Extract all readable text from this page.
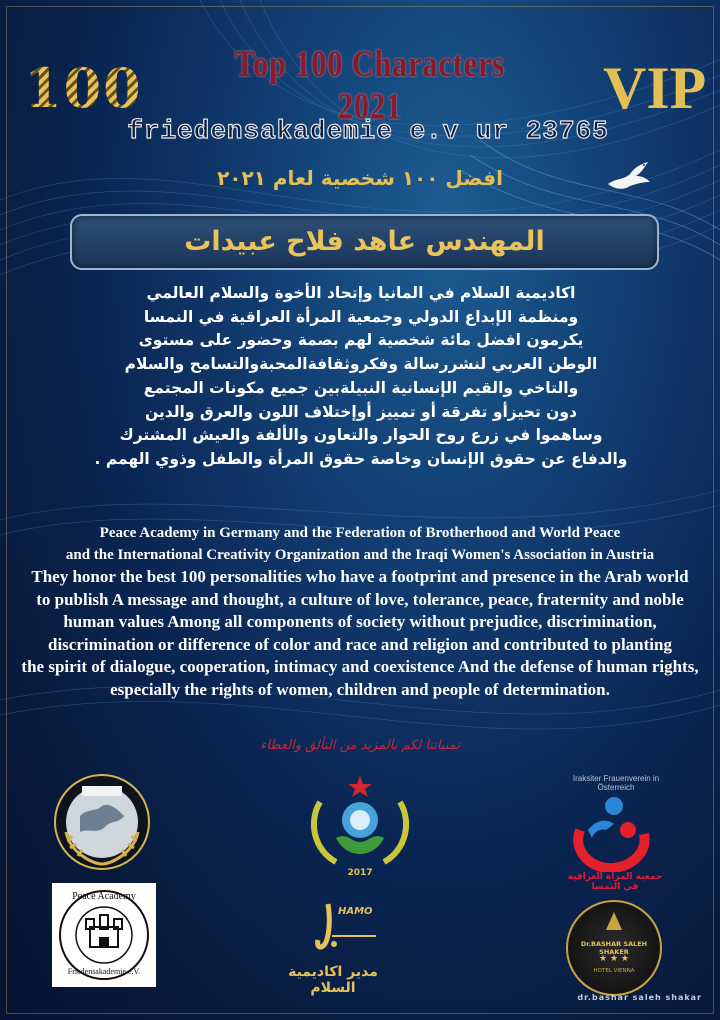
100	Top 100 Characters 2021	VIP
friedensakademie e.v ur 23765
افضل ١٠٠ شخصية لعام ٢٠٢١
المهندس عاهد فلاح عبيدات
اكاديمية السلام في المانيا وإتحاد الأخوة والسلام العالمي
ومنظمة الإبداع الدولي وجمعية المرأة العراقية في النمسا
يكرمون افضل مائة شخصية لهم بصمة وحضور على مستوى
الوطن العربي لنشررسالة وفكروثقافةالمحبةوالتسامح والسلام
والتاخي والقيم الإنسانية النبيلةبين جميع مكونات المجتمع
دون تحيزأو تفرقة أو تمييز أوإختلاف اللون والعرق والدين
وساهموا في زرع روح الحوار والتعاون والألفة والعيش المشترك
والدفاع عن حقوق الإنسان وخاصة حقوق المرأة والطفل وذوي الهمم .
Peace Academy in Germany and the Federation of Brotherhood and World Peace
and the International Creativity Organization and the Iraqi Women's Association in Austria
They honor the best 100 personalities who have a footprint and presence in the Arab world
to publish A message and thought, a culture of love, tolerance, peace, fraternity and noble
human values Among all components of society without prejudice, discrimination,
discrimination or difference of color and race and religion and contributed to planting
the spirit of dialogue, cooperation, intimacy and coexistence And the defense of human rights,
especially the rights of women, children and people of determination.
تمنياتنا لكم بالمزيد من التألق والعطاء
2017
Iraksiter Frauenverein in Österreich
جمعية المرأة العراقية في النمسا
Peace Academy
Friedensakademie e.V.
HAMO
مدير اكاديمية السلام
Dr.BASHAR SALEH SHAKER
★ ★ ★
HOTEL VIENNA
dr.bashar saleh shakar
